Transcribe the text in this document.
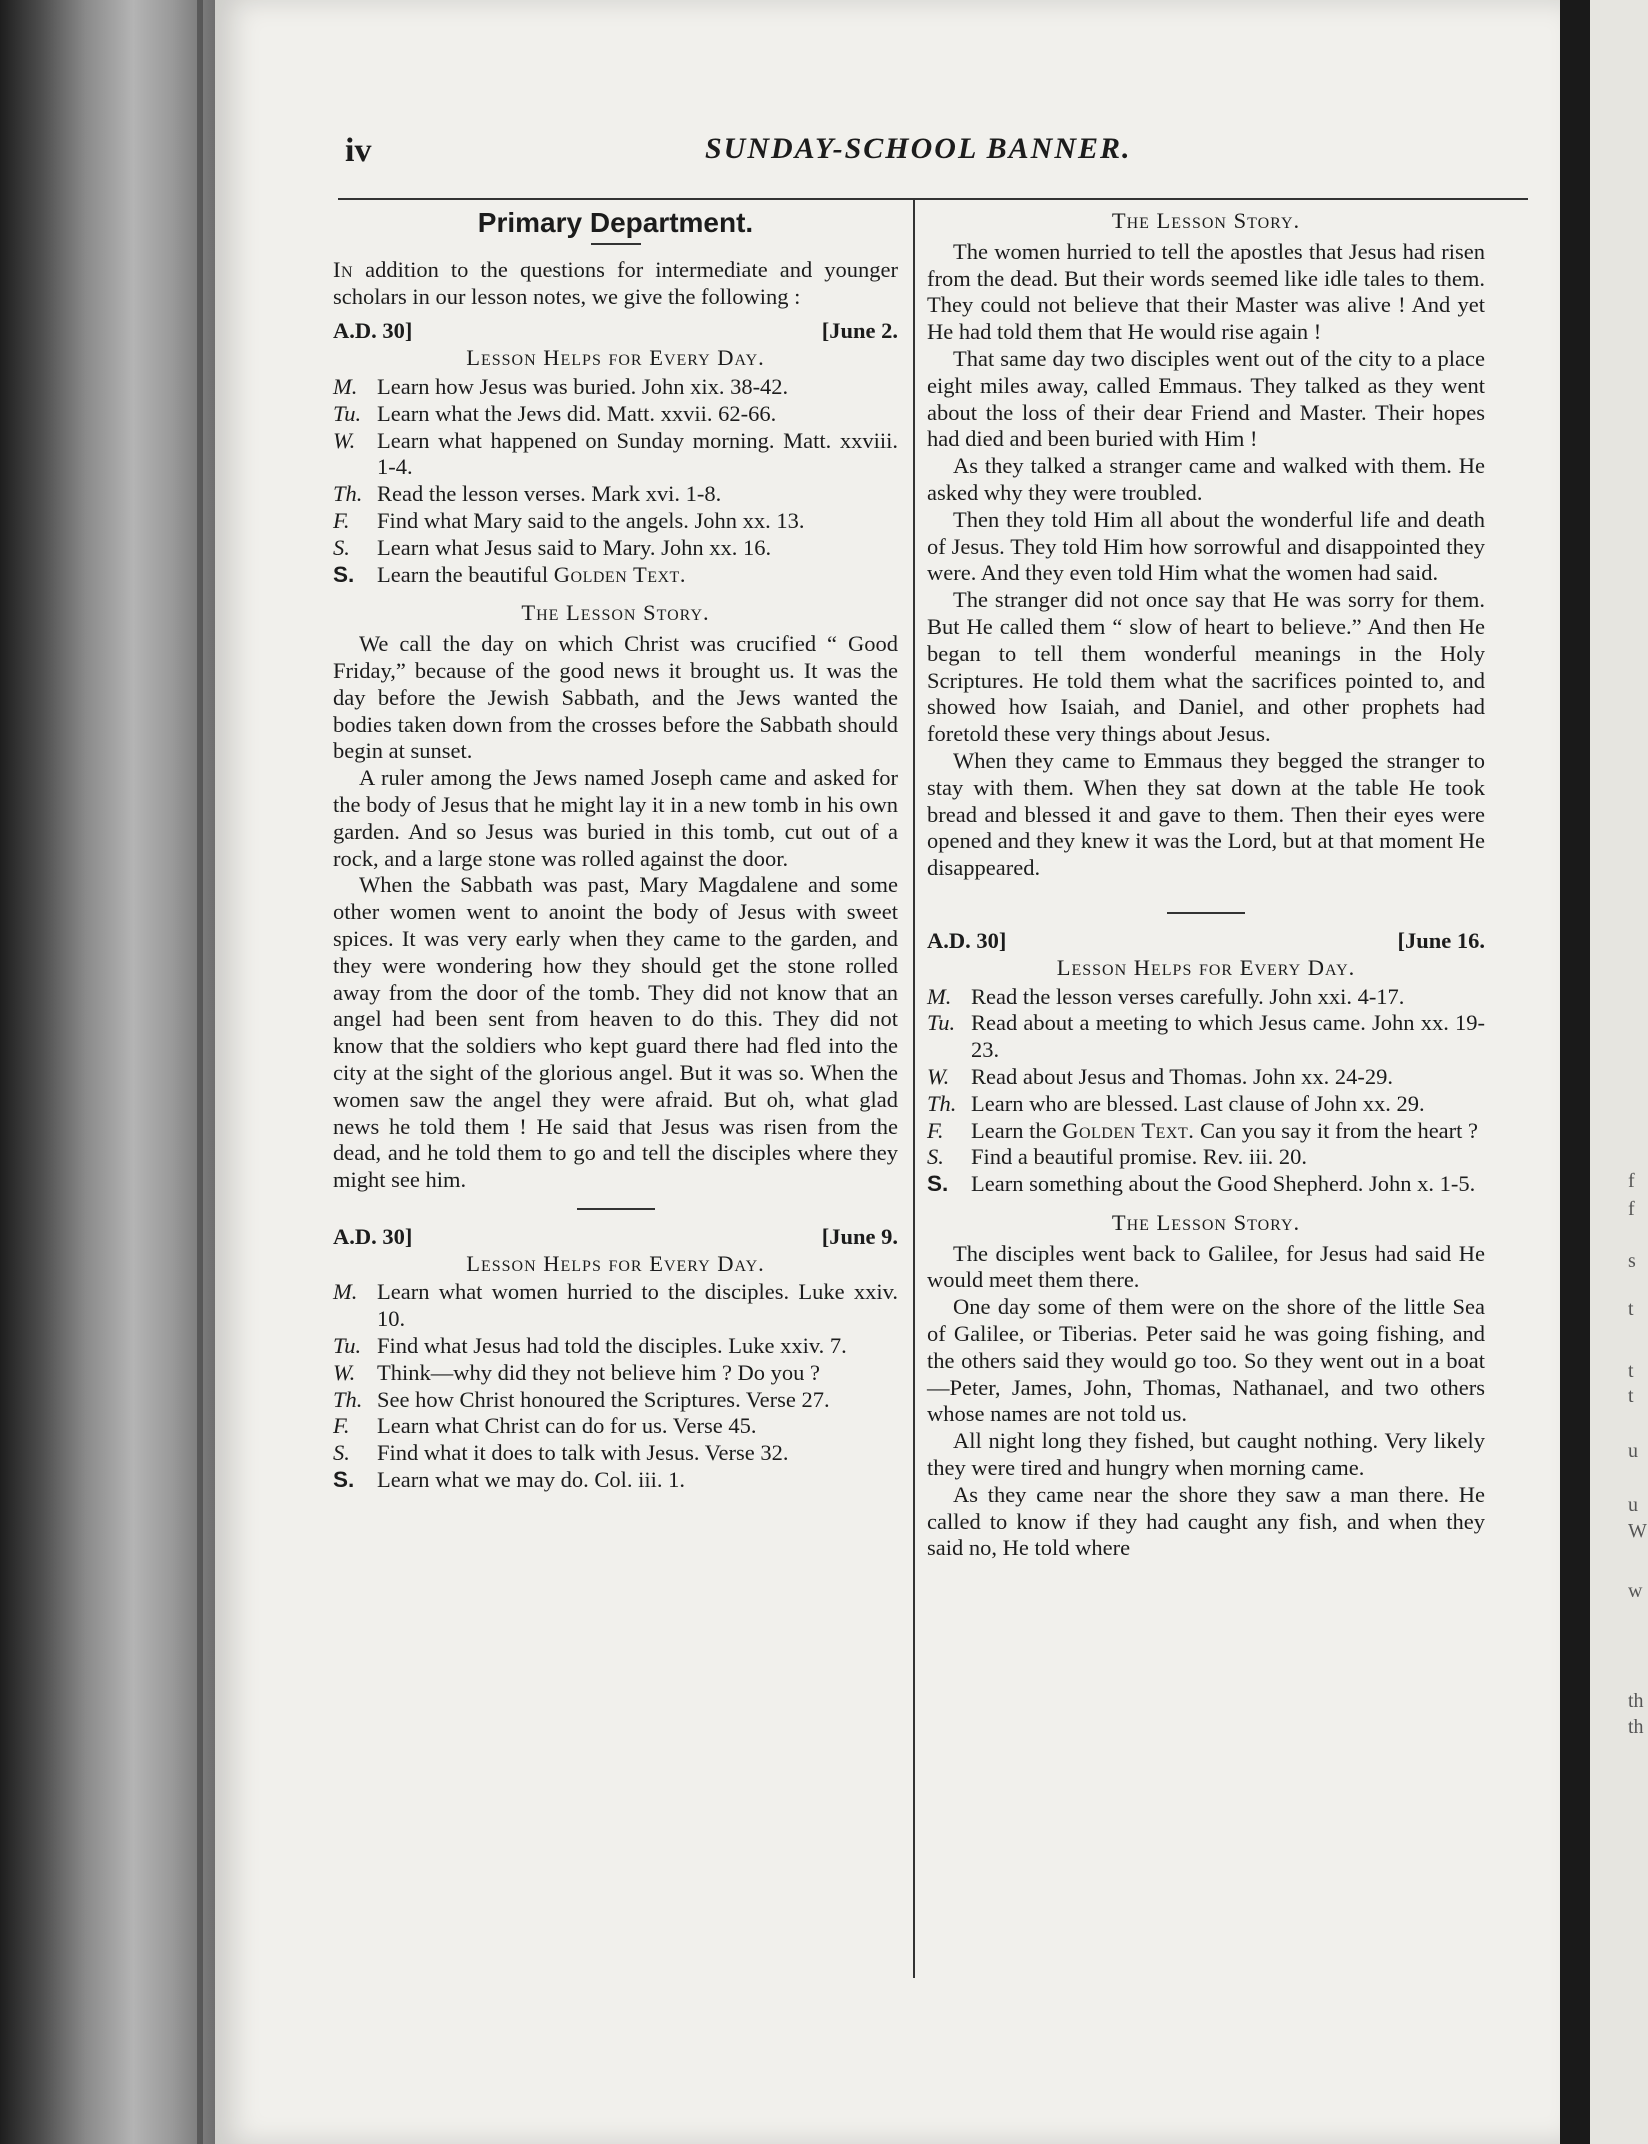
f
f
s
t
t
t
u
u
W
w
th
th
iv	SUNDAY-SCHOOL BANNER.
Primary Department.

In addition to the questions for intermediate and younger scholars in our lesson notes, we give the following :

A.D. 30]	[June 2.
Lesson Helps for Every Day.
M. Learn how Jesus was buried. John xix. 38-42.
Tu. Learn what the Jews did. Matt. xxvii. 62-66.
W. Learn what happened on Sunday morning. Matt. xxviii. 1-4.
Th. Read the lesson verses. Mark xvi. 1-8.
F.	Find what Mary said to the angels. John xx. 13.
S.	Learn what Jesus said to Mary. John xx. 16.
S.	Learn the beautiful Golden Text.
The Lesson Story.

We call the day on which Christ was crucified “ Good Friday,” because of the good news it brought us. It was the day before the Jewish Sabbath, and the Jews wanted the bodies taken down from the crosses before the Sabbath should begin at sunset.

A ruler among the Jews named Joseph came and asked for the body of Jesus that he might lay it in a new tomb in his own garden. And so Jesus was buried in this tomb, cut out of a rock, and a large stone was rolled against the door.

When the Sabbath was past, Mary Magdalene and some other women went to anoint the body of Jesus with sweet spices. It was very early when they came to the garden, and they were wondering how they should get the stone rolled away from the door of the tomb. They did not know that an angel had been sent from heaven to do this. They did not know that the soldiers who kept guard there had fled into the city at the sight of the glorious angel. But it was so. When the women saw the angel they were afraid. But oh, what glad news he told them ! He said that Jesus was risen from the dead, and he told them to go and tell the disciples where they might see him.

A.D. 30]	[June 9.
Lesson Helps for Every Day.
M. Learn what women hurried to the disciples. Luke xxiv. 10.
Tu. Find what Jesus had told the disciples. Luke xxiv. 7.
W. Think—why did they not believe him ? Do you ?
Th. See how Christ honoured the Scriptures. Verse 27.
F.	Learn what Christ can do for us. Verse 45.
S.	Find what it does to talk with Jesus. Verse 32.
S.	Learn what we may do. Col. iii. 1.
The Lesson Story.

The women hurried to tell the apostles that Jesus had risen from the dead. But their words seemed like idle tales to them. They could not believe that their Master was alive ! And yet He had told them that He would rise again !

That same day two disciples went out of the city to a place eight miles away, called Emmaus. They talked as they went about the loss of their dear Friend and Master. Their hopes had died and been buried with Him !

As they talked a stranger came and walked with them. He asked why they were troubled.

Then they told Him all about the wonderful life and death of Jesus. They told Him how sorrowful and disappointed they were. And they even told Him what the women had said.

The stranger did not once say that He was sorry for them. But He called them “ slow of heart to believe.” And then He began to tell them wonderful meanings in the Holy Scriptures. He told them what the sacrifices pointed to, and showed how Isaiah, and Daniel, and other prophets had foretold these very things about Jesus.

When they came to Emmaus they begged the stranger to stay with them. When they sat down at the table He took bread and blessed it and gave to them. Then their eyes were opened and they knew it was the Lord, but at that moment He disappeared.

A.D. 30]	[June 16.
Lesson Helps for Every Day.
M. Read the lesson verses carefully. John xxi. 4-17.
Tu. Read about a meeting to which Jesus came. John xx. 19-23.
W. Read about Jesus and Thomas. John xx. 24-29.
Th. Learn who are blessed. Last clause of John xx. 29.
F.	Learn the Golden Text. Can you say it from the heart ?
S.	Find a beautiful promise. Rev. iii. 20.
S.	Learn something about the Good Shepherd. John x. 1-5.
The Lesson Story.

The disciples went back to Galilee, for Jesus had said He would meet them there.

One day some of them were on the shore of the little Sea of Galilee, or Tiberias. Peter said he was going fishing, and the others said they would go too. So they went out in a boat—Peter, James, John, Thomas, Nathanael, and two others whose names are not told us.

All night long they fished, but caught nothing. Very likely they were tired and hungry when morning came.

As they came near the shore they saw a man there. He called to know if they had caught any fish, and when they said no, He told where
